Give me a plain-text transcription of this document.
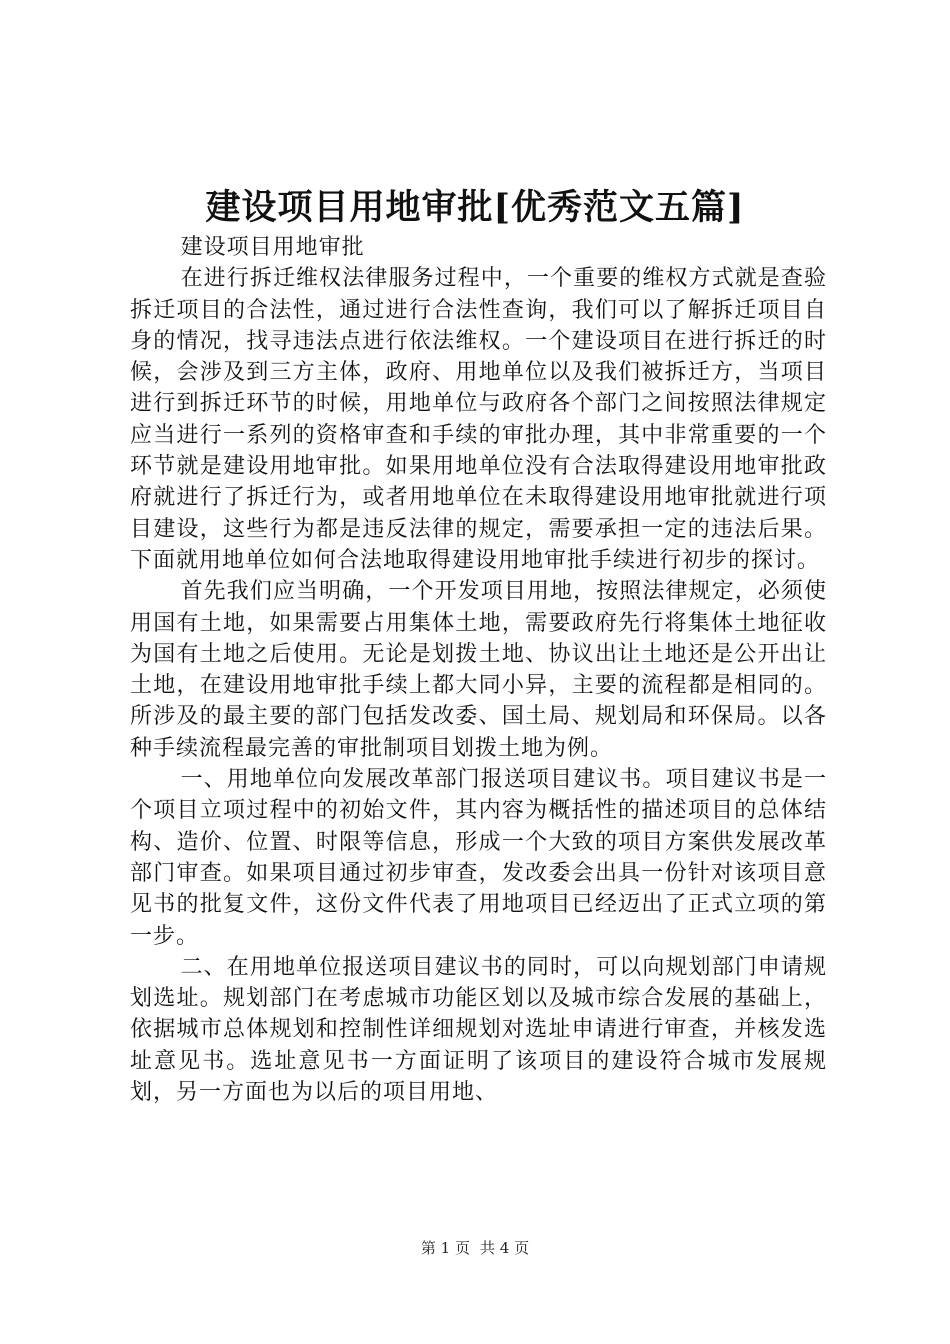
建设项目用地审批[优秀范文五篇]

建设项目用地审批

在进行拆迁维权法律服务过程中，一个重要的维权方式就是查验拆迁项目的合法性，通过进行合法性查询，我们可以了解拆迁项目自身的情况，找寻违法点进行依法维权。一个建设项目在进行拆迁的时候，会涉及到三方主体，政府、用地单位以及我们被拆迁方，当项目进行到拆迁环节的时候，用地单位与政府各个部门之间按照法律规定应当进行一系列的资格审查和手续的审批办理，其中非常重要的一个环节就是建设用地审批。如果用地单位没有合法取得建设用地审批政府就进行了拆迁行为，或者用地单位在未取得建设用地审批就进行项目建设，这些行为都是违反法律的规定，需要承担一定的违法后果。下面就用地单位如何合法地取得建设用地审批手续进行初步的探讨。

首先我们应当明确，一个开发项目用地，按照法律规定，必须使用国有土地，如果需要占用集体土地，需要政府先行将集体土地征收为国有土地之后使用。无论是划拨土地、协议出让土地还是公开出让土地，在建设用地审批手续上都大同小异，主要的流程都是相同的。所涉及的最主要的部门包括发改委、国土局、规划局和环保局。以各种手续流程最完善的审批制项目划拨土地为例。

一、用地单位向发展改革部门报送项目建议书。项目建议书是一个项目立项过程中的初始文件，其内容为概括性的描述项目的总体结构、造价、位置、时限等信息，形成一个大致的项目方案供发展改革部门审查。如果项目通过初步审查，发改委会出具一份针对该项目意见书的批复文件，这份文件代表了用地项目已经迈出了正式立项的第一步。

二、在用地单位报送项目建议书的同时，可以向规划部门申请规划选址。规划部门在考虑城市功能区划以及城市综合发展的基础上，依据城市总体规划和控制性详细规划对选址申请进行审查，并核发选址意见书。选址意见书一方面证明了该项目的建设符合城市发展规划，另一方面也为以后的项目用地、

第 1 页 共 4 页
